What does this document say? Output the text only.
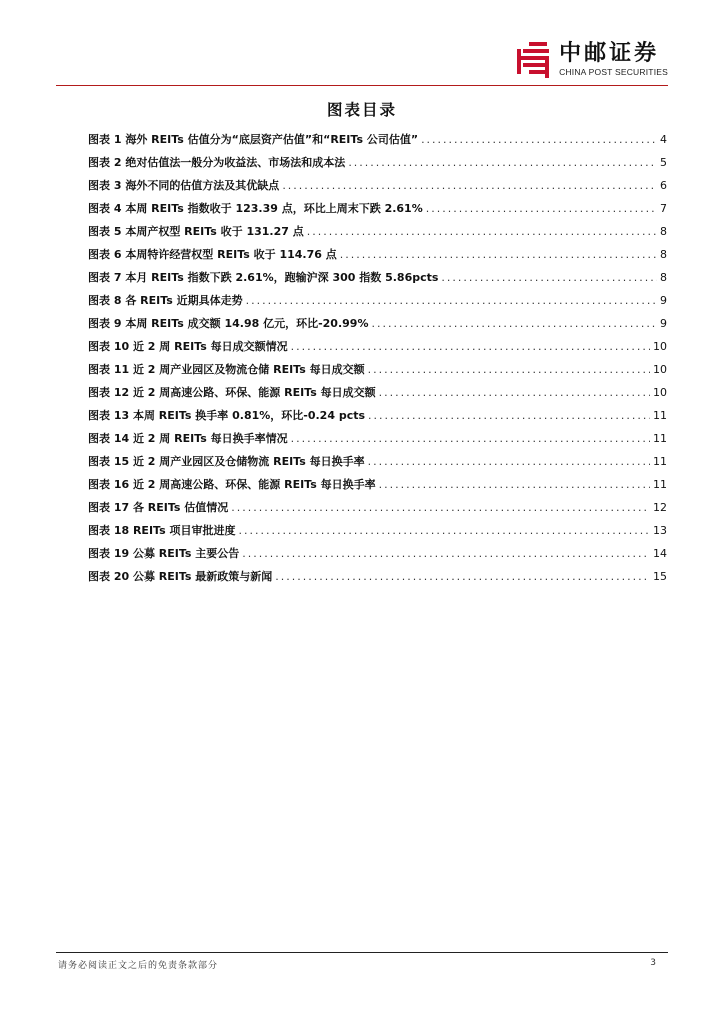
中邮证券
CHINA POST SECURITIES
图表目录
图表 1 海外 REITs 估值分为“底层资产估值”和“REITs 公司估值” .....	4
图表 2 绝对估值法一般分为收益法、市场法和成本法 .....	5
图表 3 海外不同的估值方法及其优缺点 .....	6
图表 4 本周 REITs 指数收于 123.39 点，环比上周末下跌 2.61% .....	7
图表 5 本周产权型 REITs 收于 131.27 点 .....	8
图表 6 本周特许经营权型 REITs 收于 114.76 点 .....	8
图表 7 本月 REITs 指数下跌 2.61%，跑输沪深 300 指数 5.86pcts .....	8
图表 8 各 REITs 近期具体走势 .....	9
图表 9 本周 REITs 成交额 14.98 亿元，环比-20.99% .....	9
图表 10 近 2 周 REITs 每日成交额情况 .....	10
图表 11 近 2 周产业园区及物流仓储 REITs 每日成交额 .....	10
图表 12 近 2 周高速公路、环保、能源 REITs 每日成交额 .....	10
图表 13 本周 REITs 换手率 0.81%，环比-0.24 pcts .....	11
图表 14 近 2 周 REITs 每日换手率情况 .....	11
图表 15 近 2 周产业园区及仓储物流 REITs 每日换手率 .....	11
图表 16 近 2 周高速公路、环保、能源 REITs 每日换手率 .....	11
图表 17 各 REITs 估值情况 .....	12
图表 18 REITs 项目审批进度 .....	13
图表 19 公募 REITs 主要公告 .....	14
图表 20 公募 REITs 最新政策与新闻 .....	15
请务必阅读正文之后的免责条款部分	3
